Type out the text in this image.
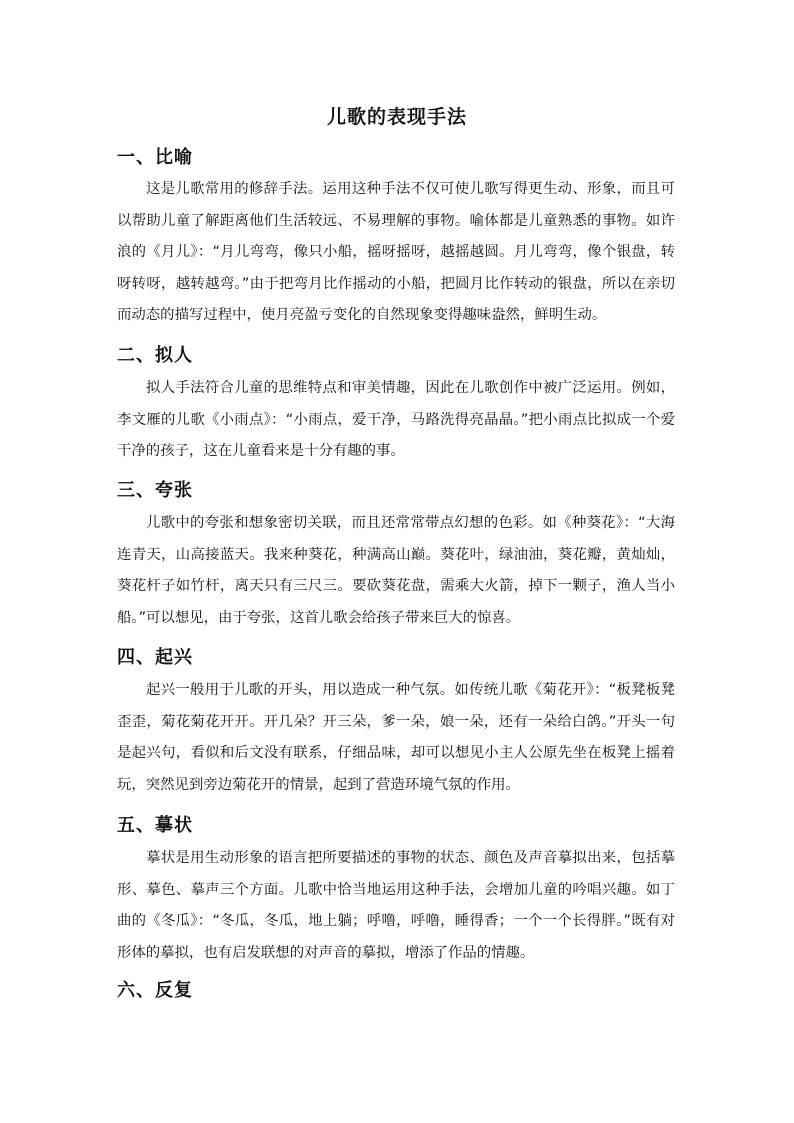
儿歌的表现手法
一、比喻

这是儿歌常用的修辞手法。运用这种手法不仅可使儿歌写得更生动、形象，而且可以帮助儿童了解距离他们生活较远、不易理解的事物。喻体都是儿童熟悉的事物。如许浪的《月儿》：“月儿弯弯，像只小船，摇呀摇呀，越摇越圆。月儿弯弯，像个银盘，转呀转呀，越转越弯。”由于把弯月比作摇动的小船，把圆月比作转动的银盘，所以在亲切而动态的描写过程中，使月亮盈亏变化的自然现象变得趣味盎然，鲜明生动。

二、拟人

拟人手法符合儿童的思维特点和审美情趣，因此在儿歌创作中被广泛运用。例如，李文雁的儿歌《小雨点》：“小雨点，爱干净，马路洗得亮晶晶。”把小雨点比拟成一个爱干净的孩子，这在儿童看来是十分有趣的事。

三、夸张

儿歌中的夸张和想象密切关联，而且还常常带点幻想的色彩。如《种葵花》：“大海连青天，山高接蓝天。我来种葵花，种满高山巅。葵花叶，绿油油，葵花瓣，黄灿灿，葵花杆子如竹杆，离天只有三尺三。要砍葵花盘，需乘大火箭，掉下一颗子，渔人当小船。”可以想见，由于夸张，这首儿歌会给孩子带来巨大的惊喜。

四、起兴

起兴一般用于儿歌的开头，用以造成一种气氛。如传统儿歌《菊花开》：“板凳板凳歪歪，菊花菊花开开。开几朵？开三朵，爹一朵，娘一朵，还有一朵给白鸽。”开头一句是起兴句，看似和后文没有联系，仔细品味，却可以想见小主人公原先坐在板凳上摇着玩，突然见到旁边菊花开的情景，起到了营造环境气氛的作用。

五、摹状

摹状是用生动形象的语言把所要描述的事物的状态、颜色及声音摹拟出来，包括摹形、摹色、摹声三个方面。儿歌中恰当地运用这种手法，会增加儿童的吟唱兴趣。如丁曲的《冬瓜》：“冬瓜，冬瓜，地上躺；呼噜，呼噜，睡得香；一个一个长得胖。”既有对形体的摹拟，也有启发联想的对声音的摹拟，增添了作品的情趣。

六、反复
